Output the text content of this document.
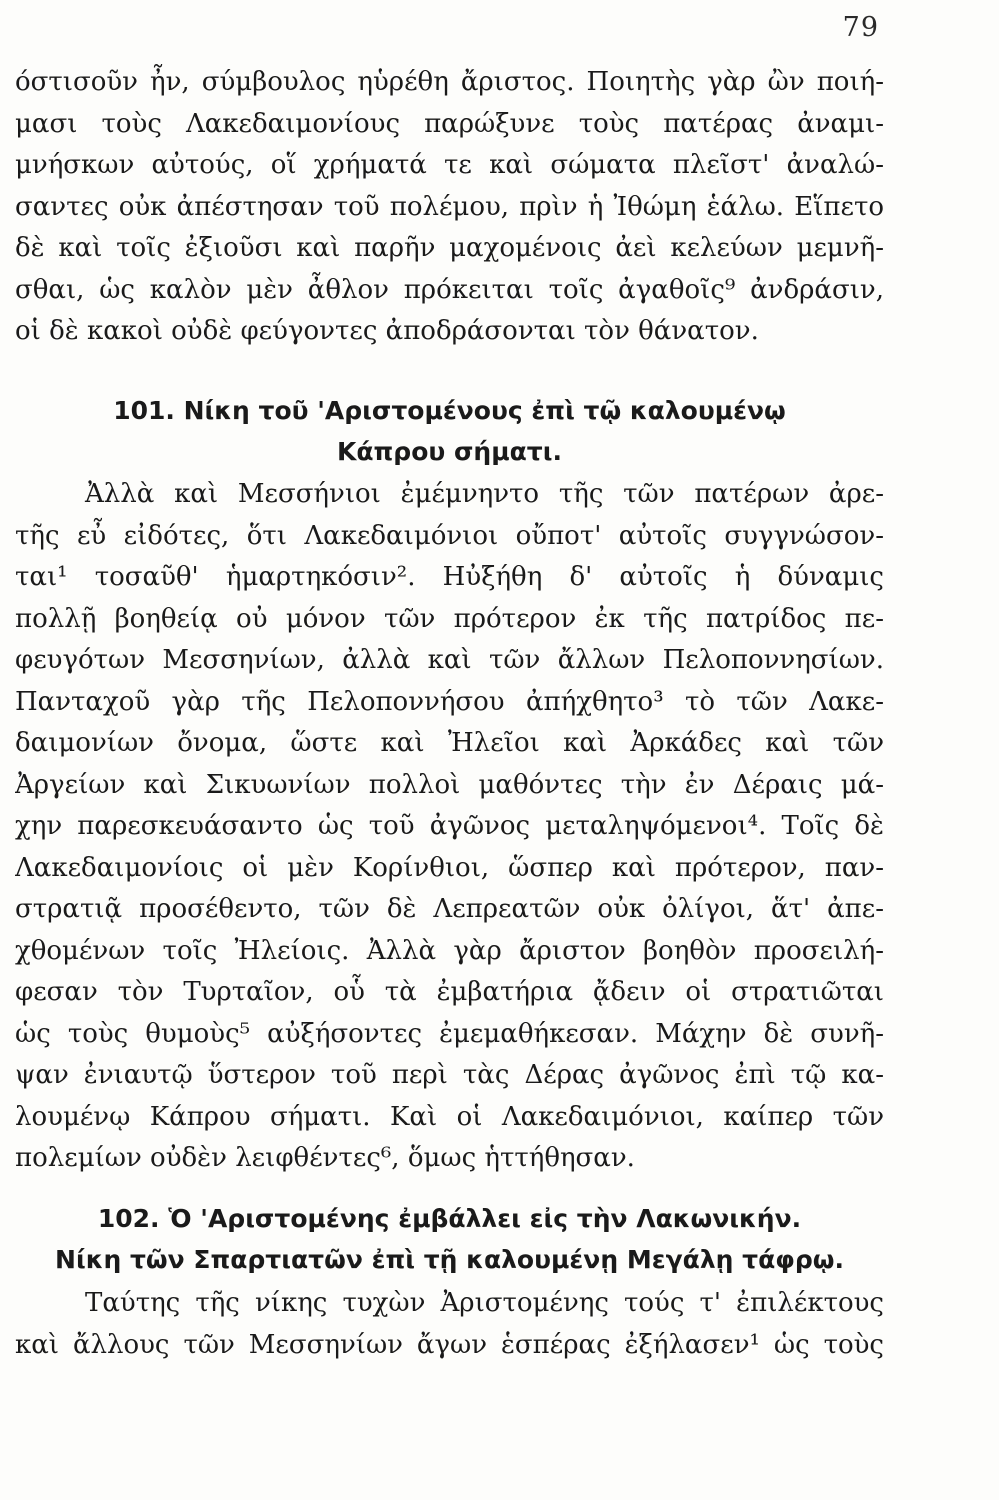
79
όστισοῦν ἦν, σύμβουλος ηὑρέθη ἄριστος. Ποιητὴς γὰρ ὢν ποιή-
μασι τοὺς Λακεδαιμονίους παρώξυνε τοὺς πατέρας ἀναμι-
μνήσκων αὐτούς, οἵ χρήματά τε καὶ σώματα πλεῖστ' ἀναλώ-
σαντες οὐκ ἀπέστησαν τοῦ πολέμου, πρὶν ἡ Ἰθώμη ἑάλω. Εἵπετο
δὲ καὶ τοῖς ἐξιοῦσι καὶ παρῆν μαχομένοις ἀεὶ κελεύων μεμνῆ-
σθαι, ὡς καλὸν μὲν ἆθλον πρόκειται τοῖς ἀγαθοῖς⁹ ἀνδράσιν,
οἱ δὲ κακοὶ οὐδὲ φεύγοντες ἀποδράσονται τὸν θάνατον.
101. Νίκη τοῦ 'Αριστομένους ἐπὶ τῷ καλουμένῳ
Κάπρου σήματι.
Ἀλλὰ καὶ Μεσσήνιοι ἐμέμνηντο τῆς τῶν πατέρων ἀρε-
τῆς εὖ εἰδότες, ὅτι Λακεδαιμόνιοι οὔποτ' αὐτοῖς συγγνώσον-
ται¹ τοσαῦθ' ἡμαρτηκόσιν². Ηὐξήθη δ' αὐτοῖς ἡ δύναμις
πολλῇ βοηθείᾳ οὐ μόνον τῶν πρότερον ἐκ τῆς πατρίδος πε-
φευγότων Μεσσηνίων, ἀλλὰ καὶ τῶν ἄλλων Πελοποννησίων.
Πανταχοῦ γὰρ τῆς Πελοποννήσου ἀπήχθητο³ τὸ τῶν Λακε-
δαιμονίων ὄνομα, ὥστε καὶ Ἠλεῖοι καὶ Ἀρκάδες καὶ τῶν
Ἀργείων καὶ Σικυωνίων πολλοὶ μαθόντες τὴν ἐν Δέραις μά-
χην παρεσκευάσαντο ὡς τοῦ ἀγῶνος μεταληψόμενοι⁴. Τοῖς δὲ
Λακεδαιμονίοις οἱ μὲν Κορίνθιοι, ὥσπερ καὶ πρότερον, παν-
στρατιᾷ προσέθεντο, τῶν δὲ Λεπρεατῶν οὐκ ὀλίγοι, ἅτ' ἀπε-
χθομένων τοῖς Ἠλείοις. Ἀλλὰ γὰρ ἄριστον βοηθὸν προσειλή-
φεσαν τὸν Τυρταῖον, οὗ τὰ ἐμβατήρια ᾄδειν οἱ στρατιῶται
ὡς τοὺς θυμοὺς⁵ αὐξήσοντες ἐμεμαθήκεσαν. Μάχην δὲ συνῆ-
ψαν ἐνιαυτῷ ὕστερον τοῦ περὶ τὰς Δέρας ἀγῶνος ἐπὶ τῷ κα-
λουμένῳ Κάπρου σήματι. Καὶ οἱ Λακεδαιμόνιοι, καίπερ τῶν
πολεμίων οὐδὲν λειφθέντες⁶, ὅμως ἡττήθησαν.
102. Ὁ 'Αριστομένης ἐμβάλλει εἰς τὴν Λακωνικήν.
Νίκη τῶν Σπαρτιατῶν ἐπὶ τῇ καλουμένῃ Μεγάλῃ τάφρῳ.
Ταύτης τῆς νίκης τυχὼν Ἀριστομένης τούς τ' ἐπιλέκτους
καὶ ἄλλους τῶν Μεσσηνίων ἄγων ἑσπέρας ἐξήλασεν¹ ὡς τοὺς
